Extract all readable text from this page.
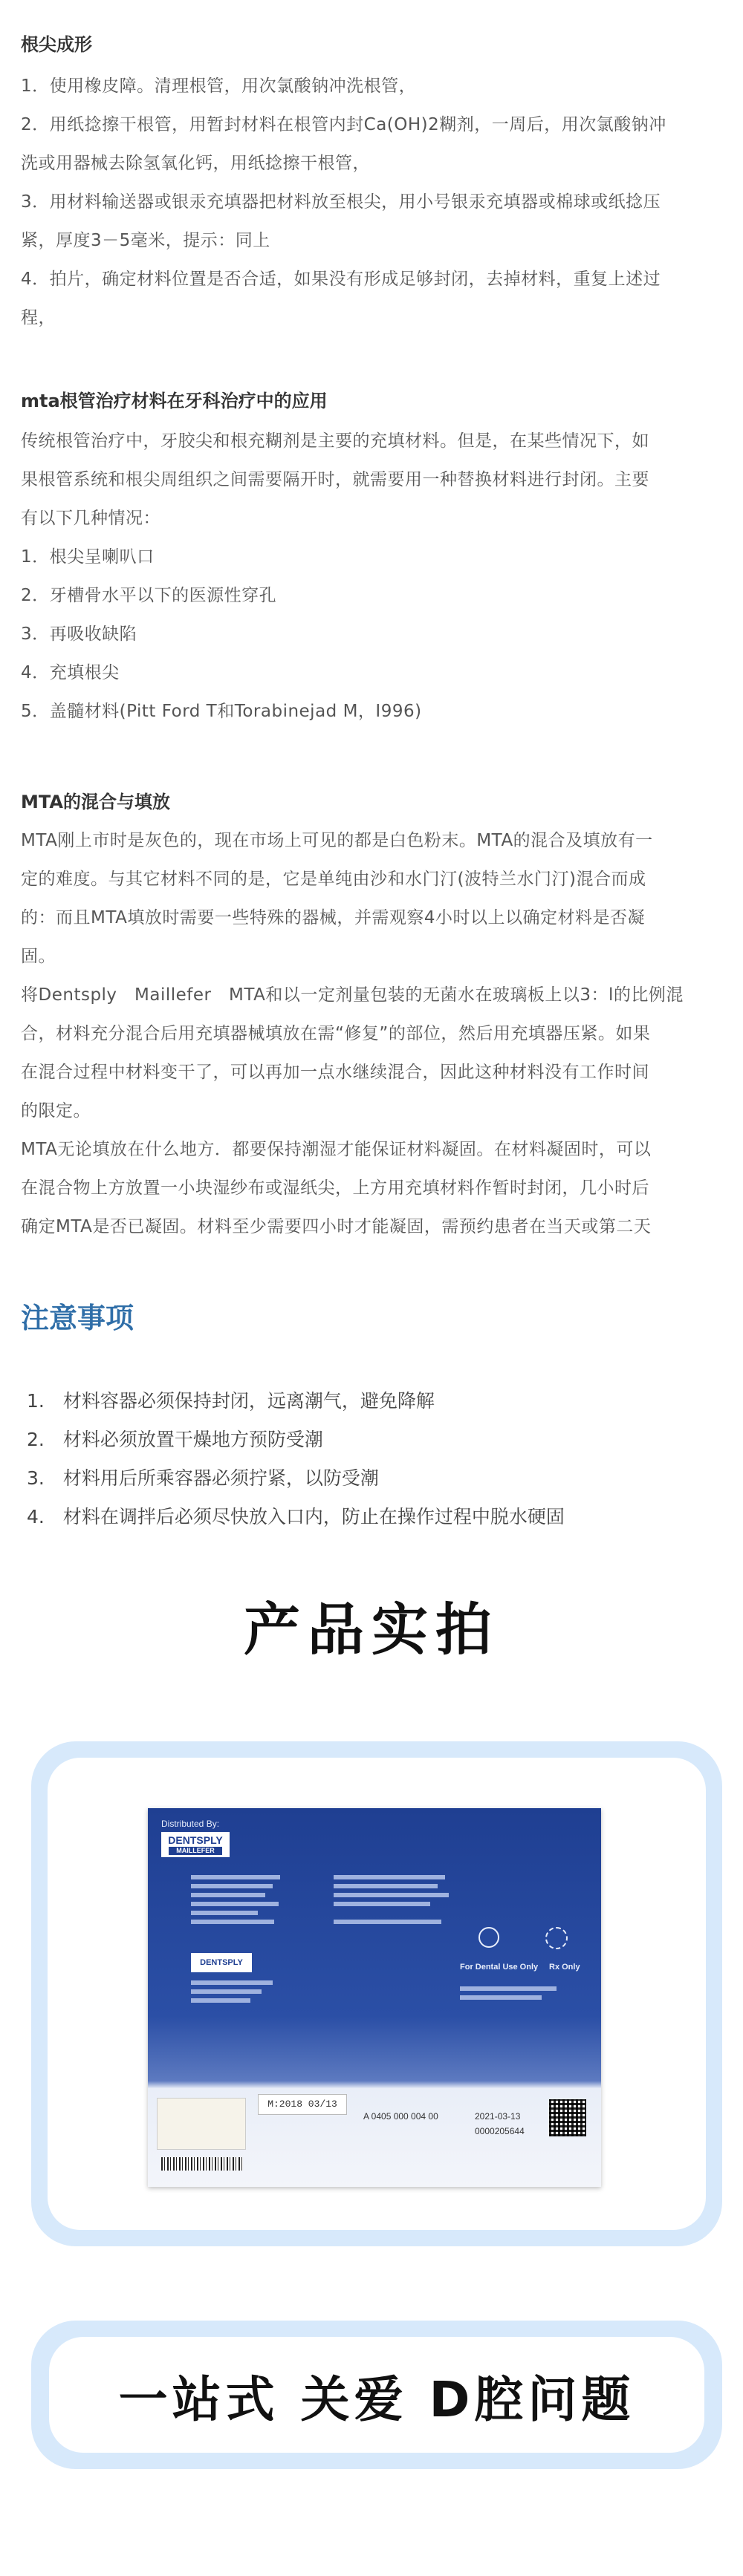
根尖成形
1．使用橡皮障。清理根管，用次氯酸钠冲洗根管，
2．用纸捻擦干根管，用暂封材料在根管内封Ca(OH)2糊剂，一周后，用次氯酸钠冲
洗或用器械去除氢氧化钙，用纸捻擦干根管，
3．用材料输送器或银汞充填器把材料放至根尖，用小号银汞充填器或棉球或纸捻压
紧，厚度3－5毫米，提示：同上
4．拍片，确定材料位置是否合适，如果没有形成足够封闭，去掉材料，重复上述过
程，
mta根管治疗材料在牙科治疗中的应用
传统根管治疗中，牙胶尖和根充糊剂是主要的充填材料。但是，在某些情况下，如
果根管系统和根尖周组织之间需要隔开时，就需要用一种替换材料进行封闭。主要
有以下几种情况：
1．根尖呈喇叭口
2．牙槽骨水平以下的医源性穿孔
3．再吸收缺陷
4．充填根尖
5．盖髓材料(Pitt Ford T和Torabinejad M，I996)
MTA的混合与填放
MTA刚上市时是灰色的，现在市场上可见的都是白色粉末。MTA的混合及填放有一
定的难度。与其它材料不同的是，它是单纯由沙和水门汀(波特兰水门汀)混合而成
的：而且MTA填放时需要一些特殊的器械，并需观察4小时以上以确定材料是否凝
固。
将Dentsply　Maillefer　MTA和以一定剂量包装的无菌水在玻璃板上以3：l的比例混
合，材料充分混合后用充填器械填放在需“修复”的部位，然后用充填器压紧。如果
在混合过程中材料变干了，可以再加一点水继续混合，因此这种材料没有工作时间
的限定。
MTA无论填放在什么地方．都要保持潮湿才能保证材料凝固。在材料凝固时，可以
在混合物上方放置一小块湿纱布或湿纸尖，上方用充填材料作暂时封闭，几小时后
确定MTA是否已凝固。材料至少需要四小时才能凝固，需预约患者在当天或第二天
注意事项
1.　材料容器必须保持封闭，远离潮气，避免降解
2.　材料必须放置干燥地方预防受潮
3.　材料用后所乘容器必须拧紧，以防受潮
4.　材料在调拌后必须尽快放入口内，防止在操作过程中脱水硬固
产品实拍
Distributed By:
DENTSPLY
MAILLEFER
DENTSPLY	For Dental Use Only Rx Only
M:2018 03/13
A 0405 000 004 00	2021-03-13
0000205644
一站式 关爱 D腔问题
